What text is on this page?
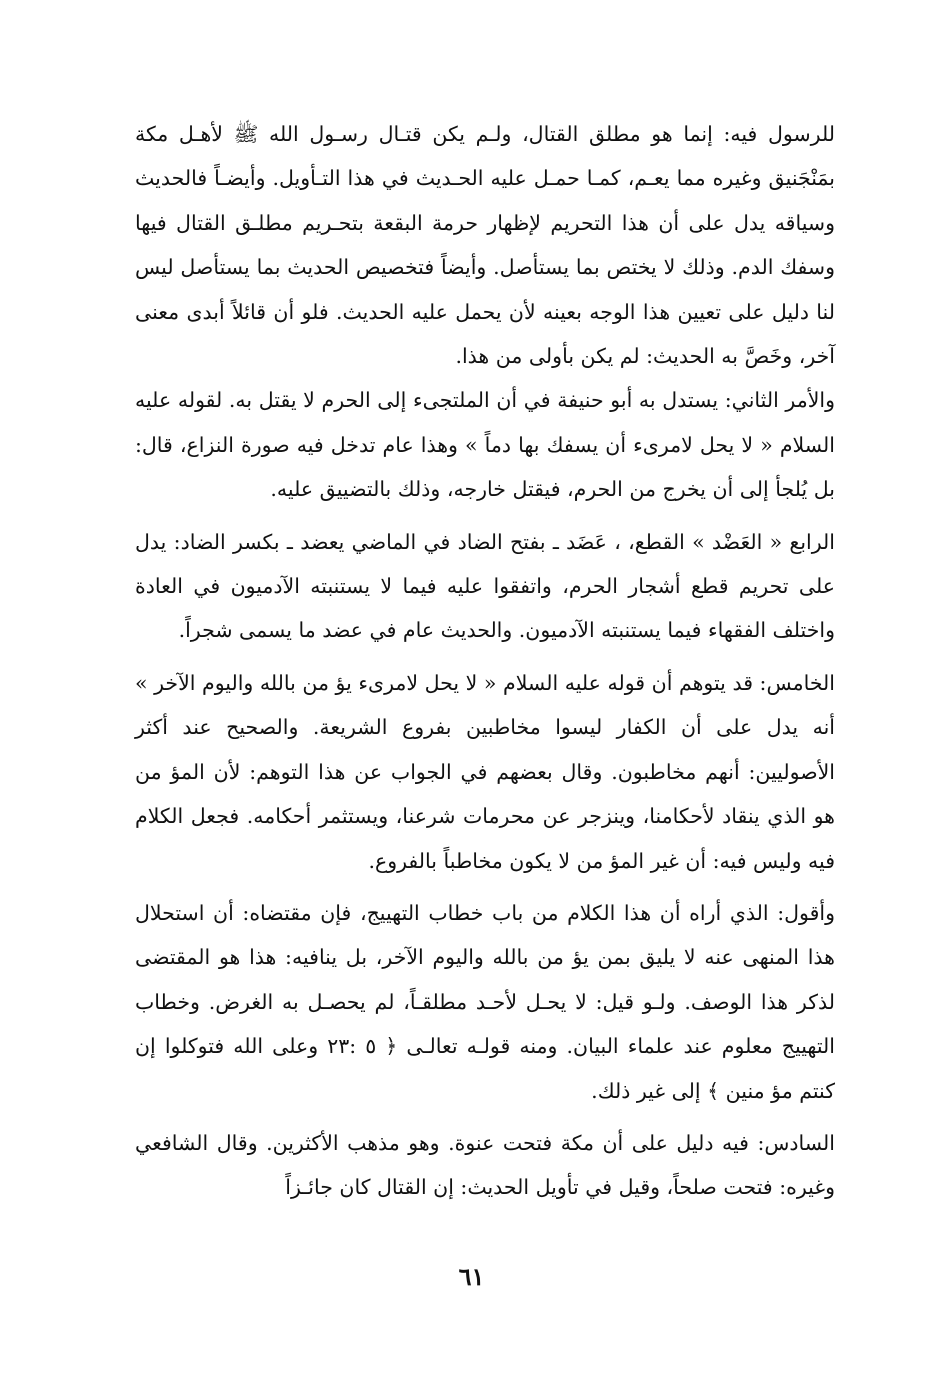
للرسول فيه: إنما هو مطلق القتال، ولـم يكن قتـال رسـول الله ﷺ لأهـل مكة بمَنْجَنيق وغيره مما يعـم، كمـا حمـل عليه الحـديث في هذا التـأويل. وأيضـاً فالحديث وسياقه يدل على أن هذا التحريم لإظهار حرمة البقعة بتحـريم مطلـق القتال فيها وسفك الدم. وذلك لا يختص بما يستأصل. وأيضاً فتخصيص الحديث بما يستأصل ليس لنا دليل على تعيين هذا الوجه بعينه لأن يحمل عليه الحديث. فلو أن قائلاً أبدى معنى آخر، وخَصَّ به الحديث: لم يكن بأولى من هذا.

والأمر الثاني: يستدل به أبو حنيفة في أن الملتجىء إلى الحرم لا يقتل به. لقوله عليه السلام « لا يحل لامرىء أن يسفك بها دماً » وهذا عام تدخل فيه صورة النزاع، قال: بل يُلجأ إلى أن يخرج من الحرم، فيقتل خارجه، وذلك بالتضييق عليه.

الرابع « العَضْد » القطع، ، عَضَد ـ بفتح الضاد في الماضي يعضد ـ بكسر الضاد: يدل على تحريم قطع أشجار الحرم، واتفقوا عليه فيما لا يستنبته الآدميون في العادة واختلف الفقهاء فيما يستنبته الآدميون. والحديث عام في عضد ما يسمى شجراً.

الخامس: قد يتوهم أن قوله عليه السلام « لا يحل لامرىء يؤ من بالله واليوم الآخر » أنه يدل على أن الكفار ليسوا مخاطبين بفروع الشريعة. والصحيح عند أكثر الأصوليين: أنهم مخاطبون. وقال بعضهم في الجواب عن هذا التوهم: لأن المؤ من هو الذي ينقاد لأحكامنا، وينزجر عن محرمات شرعنا، ويستثمر أحكامه. فجعل الكلام فيه وليس فيه: أن غير المؤ من لا يكون مخاطباً بالفروع.

وأقول: الذي أراه أن هذا الكلام من باب خطاب التهييج، فإن مقتضاه: أن استحلال هذا المنهى عنه لا يليق بمن يؤ من بالله واليوم الآخر، بل ينافيه: هذا هو المقتضى لذكر هذا الوصف. ولـو قيل: لا يحـل لأحـد مطلقـاً، لم يحصـل به الغرض. وخطاب التهييج معلوم عند علماء البيان. ومنه قولـه تعالـى ﴿ ٥ :٢٣ وعلى الله فتوكلوا إن كنتم مؤ منين ﴾ إلى غير ذلك.

السادس: فيه دليل على أن مكة فتحت عنوة. وهو مذهب الأكثرين. وقال الشافعي وغيره: فتحت صلحاً، وقيل في تأويل الحديث: إن القتال كان جائـزاً

٦١
